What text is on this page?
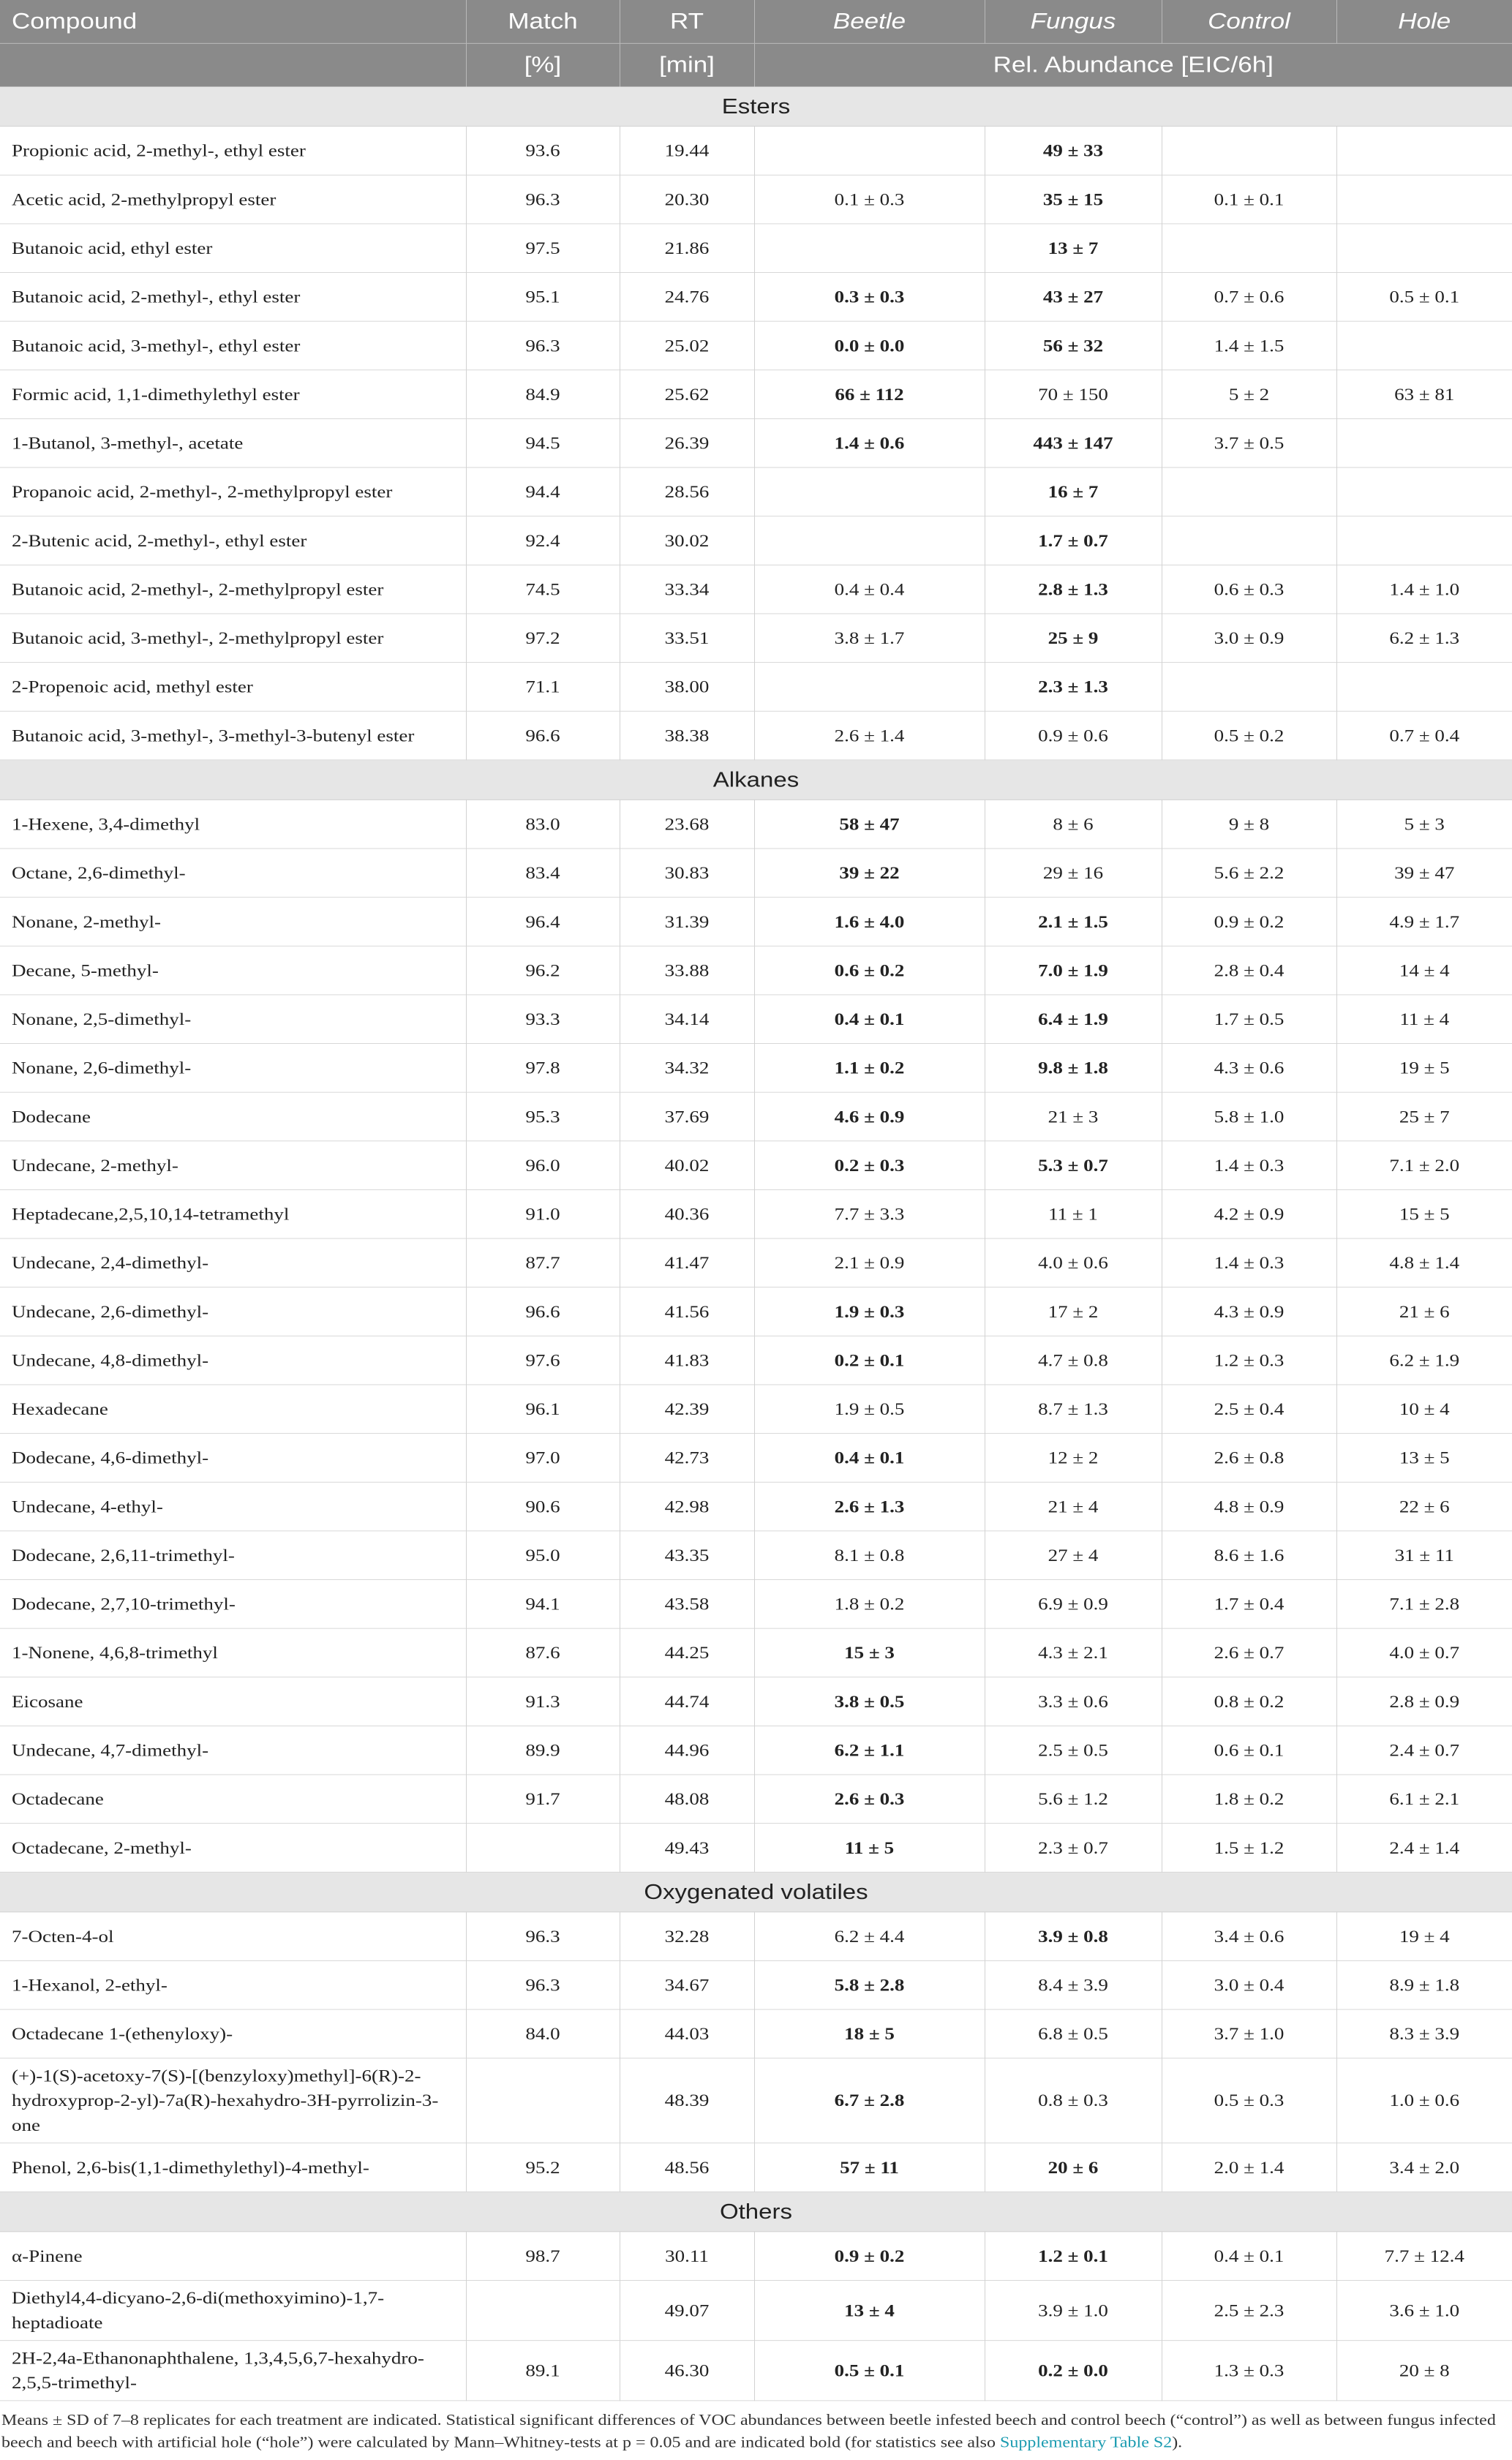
Compound	Match	RT	Beetle	Fungus	Control	Hole
	[%]	[min]	Rel. Abundance [EIC/6h]			
Esters						
Propionic acid, 2-methyl-, ethyl ester	93.6	19.44		49 ± 33		
Acetic acid, 2-methylpropyl ester	96.3	20.30	0.1 ± 0.3	35 ± 15	0.1 ± 0.1	
Butanoic acid, ethyl ester	97.5	21.86		13 ± 7		
Butanoic acid, 2-methyl-, ethyl ester	95.1	24.76	0.3 ± 0.3	43 ± 27	0.7 ± 0.6	0.5 ± 0.1
Butanoic acid, 3-methyl-, ethyl ester	96.3	25.02	0.0 ± 0.0	56 ± 32	1.4 ± 1.5	
Formic acid, 1,1-dimethylethyl ester	84.9	25.62	66 ± 112	70 ± 150	5 ± 2	63 ± 81
1-Butanol, 3-methyl-, acetate	94.5	26.39	1.4 ± 0.6	443 ± 147	3.7 ± 0.5	
Propanoic acid, 2-methyl-, 2-methylpropyl ester	94.4	28.56		16 ± 7		
2-Butenic acid, 2-methyl-, ethyl ester	92.4	30.02		1.7 ± 0.7		
Butanoic acid, 2-methyl-, 2-methylpropyl ester	74.5	33.34	0.4 ± 0.4	2.8 ± 1.3	0.6 ± 0.3	1.4 ± 1.0
Butanoic acid, 3-methyl-, 2-methylpropyl ester	97.2	33.51	3.8 ± 1.7	25 ± 9	3.0 ± 0.9	6.2 ± 1.3
2-Propenoic acid, methyl ester	71.1	38.00		2.3 ± 1.3		
Butanoic acid, 3-methyl-, 3-methyl-3-butenyl ester	96.6	38.38	2.6 ± 1.4	0.9 ± 0.6	0.5 ± 0.2	0.7 ± 0.4
Alkanes						
1-Hexene, 3,4-dimethyl	83.0	23.68	58 ± 47	8 ± 6	9 ± 8	5 ± 3
Octane, 2,6-dimethyl-	83.4	30.83	39 ± 22	29 ± 16	5.6 ± 2.2	39 ± 47
Nonane, 2-methyl-	96.4	31.39	1.6 ± 4.0	2.1 ± 1.5	0.9 ± 0.2	4.9 ± 1.7
Decane, 5-methyl-	96.2	33.88	0.6 ± 0.2	7.0 ± 1.9	2.8 ± 0.4	14 ± 4
Nonane, 2,5-dimethyl-	93.3	34.14	0.4 ± 0.1	6.4 ± 1.9	1.7 ± 0.5	11 ± 4
Nonane, 2,6-dimethyl-	97.8	34.32	1.1 ± 0.2	9.8 ± 1.8	4.3 ± 0.6	19 ± 5
Dodecane	95.3	37.69	4.6 ± 0.9	21 ± 3	5.8 ± 1.0	25 ± 7
Undecane, 2-methyl-	96.0	40.02	0.2 ± 0.3	5.3 ± 0.7	1.4 ± 0.3	7.1 ± 2.0
Heptadecane,2,5,10,14-tetramethyl	91.0	40.36	7.7 ± 3.3	11 ± 1	4.2 ± 0.9	15 ± 5
Undecane, 2,4-dimethyl-	87.7	41.47	2.1 ± 0.9	4.0 ± 0.6	1.4 ± 0.3	4.8 ± 1.4
Undecane, 2,6-dimethyl-	96.6	41.56	1.9 ± 0.3	17 ± 2	4.3 ± 0.9	21 ± 6
Undecane, 4,8-dimethyl-	97.6	41.83	0.2 ± 0.1	4.7 ± 0.8	1.2 ± 0.3	6.2 ± 1.9
Hexadecane	96.1	42.39	1.9 ± 0.5	8.7 ± 1.3	2.5 ± 0.4	10 ± 4
Dodecane, 4,6-dimethyl-	97.0	42.73	0.4 ± 0.1	12 ± 2	2.6 ± 0.8	13 ± 5
Undecane, 4-ethyl-	90.6	42.98	2.6 ± 1.3	21 ± 4	4.8 ± 0.9	22 ± 6
Dodecane, 2,6,11-trimethyl-	95.0	43.35	8.1 ± 0.8	27 ± 4	8.6 ± 1.6	31 ± 11
Dodecane, 2,7,10-trimethyl-	94.1	43.58	1.8 ± 0.2	6.9 ± 0.9	1.7 ± 0.4	7.1 ± 2.8
1-Nonene, 4,6,8-trimethyl	87.6	44.25	15 ± 3	4.3 ± 2.1	2.6 ± 0.7	4.0 ± 0.7
Eicosane	91.3	44.74	3.8 ± 0.5	3.3 ± 0.6	0.8 ± 0.2	2.8 ± 0.9
Undecane, 4,7-dimethyl-	89.9	44.96	6.2 ± 1.1	2.5 ± 0.5	0.6 ± 0.1	2.4 ± 0.7
Octadecane	91.7	48.08	2.6 ± 0.3	5.6 ± 1.2	1.8 ± 0.2	6.1 ± 2.1
Octadecane, 2-methyl-		49.43	11 ± 5	2.3 ± 0.7	1.5 ± 1.2	2.4 ± 1.4
Oxygenated volatiles						
7-Octen-4-ol	96.3	32.28	6.2 ± 4.4	3.9 ± 0.8	3.4 ± 0.6	19 ± 4
1-Hexanol, 2-ethyl-	96.3	34.67	5.8 ± 2.8	8.4 ± 3.9	3.0 ± 0.4	8.9 ± 1.8
Octadecane 1-(ethenyloxy)-	84.0	44.03	18 ± 5	6.8 ± 0.5	3.7 ± 1.0	8.3 ± 3.9
(+)-1(S)-acetoxy-7(S)-[(benzyloxy)methyl]-6(R)-2-hydroxyprop-2-yl)-7a(R)-hexahydro-3H-pyrrolizin-3-one		48.39	6.7 ± 2.8	0.8 ± 0.3	0.5 ± 0.3	1.0 ± 0.6
Phenol, 2,6-bis(1,1-dimethylethyl)-4-methyl-	95.2	48.56	57 ± 11	20 ± 6	2.0 ± 1.4	3.4 ± 2.0
Others						
α-Pinene	98.7	30.11	0.9 ± 0.2	1.2 ± 0.1	0.4 ± 0.1	7.7 ± 12.4
Diethyl4,4-dicyano-2,6-di(methoxyimino)-1,7-heptadioate		49.07	13 ± 4	3.9 ± 1.0	2.5 ± 2.3	3.6 ± 1.0
2H-2,4a-Ethanonaphthalene, 1,3,4,5,6,7-hexahydro-2,5,5-trimethyl-	89.1	46.30	0.5 ± 0.1	0.2 ± 0.0	1.3 ± 0.3	20 ± 8
Means ± SD of 7–8 replicates for each treatment are indicated. Statistical significant differences of VOC abundances between beetle infested beech and control beech (“control”) as well as between fungus infected beech and beech with artificial hole (“hole”) were calculated by Mann–Whitney-tests at p = 0.05 and are indicated bold (for statistics see also Supplementary Table S2).
